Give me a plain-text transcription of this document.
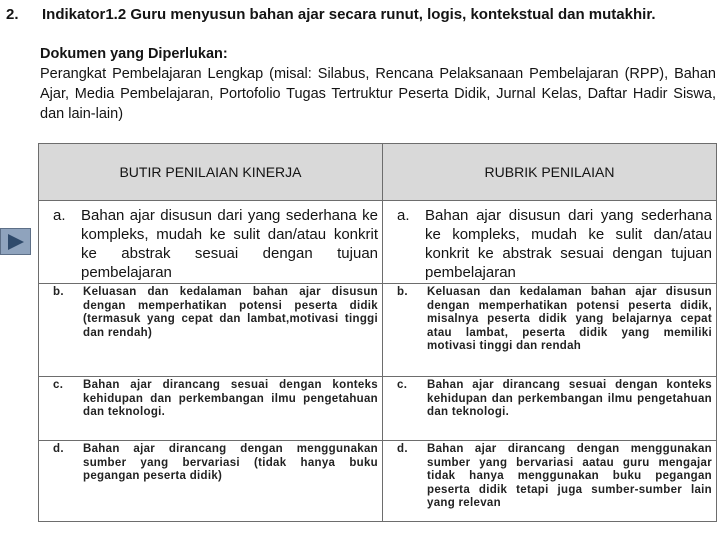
2. Indikator1.2 Guru menyusun bahan ajar secara runut, logis, kontekstual dan mutakhir.
Dokumen yang Diperlukan:
Perangkat Pembelajaran Lengkap (misal: Silabus, Rencana Pelaksanaan Pembelajaran (RPP), Bahan Ajar, Media Pembelajaran, Portofolio Tugas Tertruktur Peserta Didik, Jurnal Kelas, Daftar Hadir Siswa, dan lain-lain)
BUTIR PENILAIAN KINERJA	RUBRIK PENILAIAN

a. Bahan ajar disusun dari yang sederhana ke kompleks, mudah ke sulit dan/atau konkrit ke abstrak sesuai dengan tujuan pembelajaran	a. Bahan ajar disusun dari yang sederhana ke kompleks, mudah ke sulit dan/atau konkrit ke abstrak sesuai dengan tujuan pembelajaran

b. Keluasan dan kedalaman bahan ajar disusun dengan memperhatikan potensi peserta didik (termasuk yang cepat dan lambat,motivasi tinggi dan rendah)	b. Keluasan dan kedalaman bahan ajar disusun dengan memperhatikan potensi peserta didik, misalnya peserta didik yang belajarnya cepat atau lambat, peserta didik yang memiliki motivasi tinggi dan rendah

c. Bahan ajar dirancang sesuai dengan konteks kehidupan dan perkembangan ilmu pengetahuan dan teknologi.	c. Bahan ajar dirancang sesuai dengan konteks kehidupan dan perkembangan ilmu pengetahuan dan teknologi.

d. Bahan ajar dirancang dengan menggunakan sumber yang bervariasi (tidak hanya buku pegangan peserta didik)	d. Bahan ajar dirancang dengan menggunakan sumber yang bervariasi aatau guru mengajar tidak hanya menggunakan buku pegangan peserta didik tetapi juga sumber-sumber lain yang relevan
